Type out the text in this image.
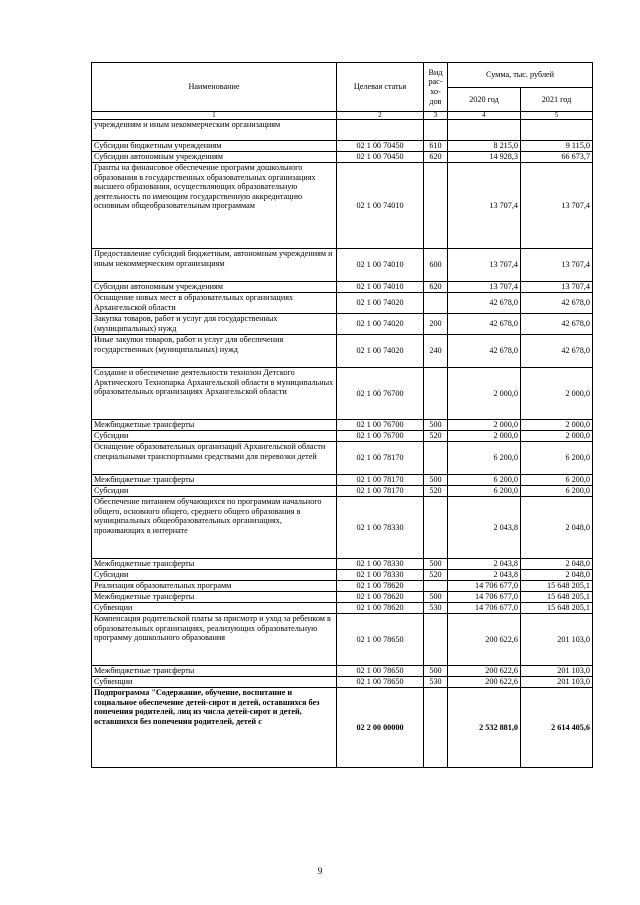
Наименование	Целевая статья	Вид рас-хо-дов	Сумма, тыс. рублей	
			2020 год	2021 год
1	2	3	4	5
учреждениям и иным некоммерческим организациям				
Субсидии бюджетным учреждениям	02 1 00 70450	610	8 215,0	9 115,0
Субсидии автономным учреждениям	02 1 00 70450	620	14 928,3	66 673,7
Гранты на финансовое обеспечение программ дошкольного образования в государственных образовательных организациях высшего образования, осуществляющих образовательную деятельность по имеющим государственную аккредитацию основным общеобразовательным программам	02 1 00 74010		13 707,4	13 707,4
Предоставление субсидий бюджетным, автономным учреждениям и иным некоммерческим организациям	02 1 00 74010	600	13 707,4	13 707,4
Субсидии автономным учреждениям	02 1 00 74010	620	13 707,4	13 707,4
Оснащение новых мест в образовательных организациях Архангельской области	02 1 00 74020		42 678,0	42 678,0
Закупка товаров, работ и услуг для государственных (муниципальных) нужд	02 1 00 74020	200	42 678,0	42 678,0
Иные закупки товаров, работ и услуг для обеспечения государственных (муниципальных) нужд	02 1 00 74020	240	42 678,0	42 678,0
Создание и обеспечение деятельности технозон Детского Арктического Технопарка Архангельской области в муниципальных образовательных организациях Архангельской области	02 1 00 76700		2 000,0	2 000,0
Межбюджетные трансферты	02 1 00 76700	500	2 000,0	2 000,0
Субсидии	02 1 00 76700	520	2 000,0	2 000,0
Оснащение образовательных организаций Архангельской области специальными транспортными средствами для перевозки детей	02 1 00 78170		6 200,0	6 200,0
Межбюджетные трансферты	02 1 00 78170	500	6 200,0	6 200,0
Субсидии	02 1 00 78170	520	6 200,0	6 200,0
Обеспечение питанием обучающихся по программам начального общего, основного общего, среднего общего образования в муниципальных общеобразовательных организациях, проживающих в интернате	02 1 00 78330		2 043,8	2 048,0
Межбюджетные трансферты	02 1 00 78330	500	2 043,8	2 048,0
Субсидии	02 1 00 78330	520	2 043,8	2 048,0
Реализация образовательных программ	02 1 00 78620		14 706 677,0	15 648 205,1
Межбюджетные трансферты	02 1 00 78620	500	14 706 677,0	15 648 205,1
Субвенции	02 1 00 78620	530	14 706 677,0	15 648 205,1
Компенсация родительской платы за присмотр и уход за ребенком в образовательных организациях, реализующих образовательную программу дошкольного образования	02 1 00 78650		200 622,6	201 103,0
Межбюджетные трансферты	02 1 00 78650	500	200 622,6	201 103,0
Субвенции	02 1 00 78650	530	200 622,6	201 103,0
Подпрограмма "Содержание, обучение, воспитание и социальное обеспечение детей-сирот и детей, оставшихся без попечения родителей, лиц из числа детей-сирот и детей, оставшихся без попечения родителей, детей с	02 2 00 00000		2 532 881,0	2 614 405,6
9
